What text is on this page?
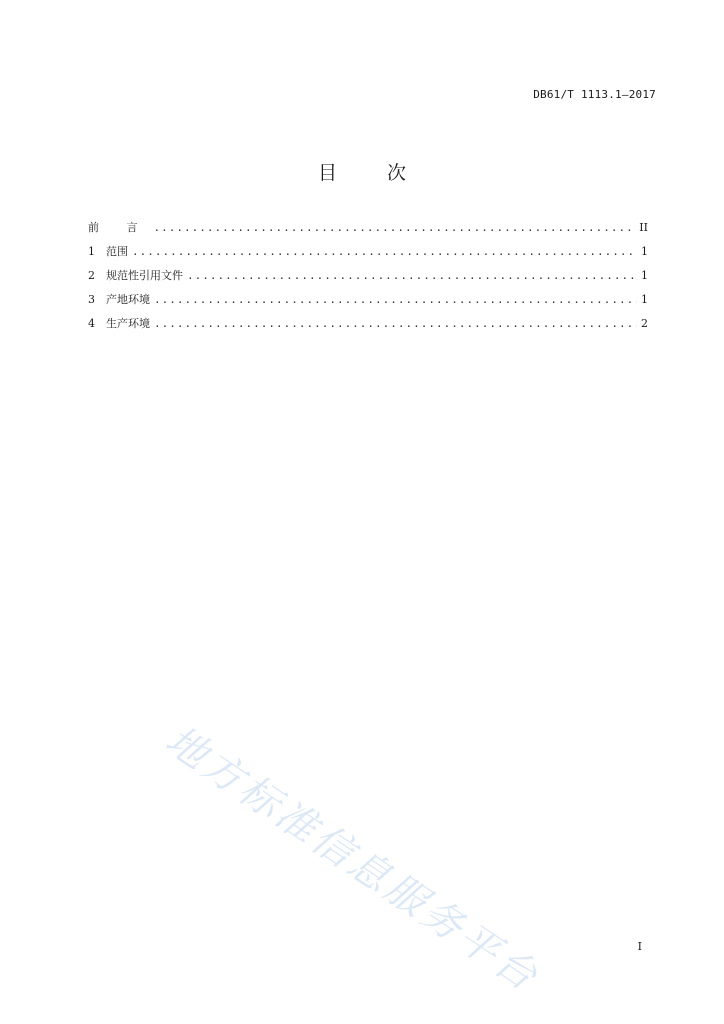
DB61/T 1113.1—2017
目 次
前 言 .....	II
1	范围 .....	1
2	规范性引用文件 .....	1
3	产地环境 .....	1
4	生产环境 .....	2
地方标准信息服务平台	I
